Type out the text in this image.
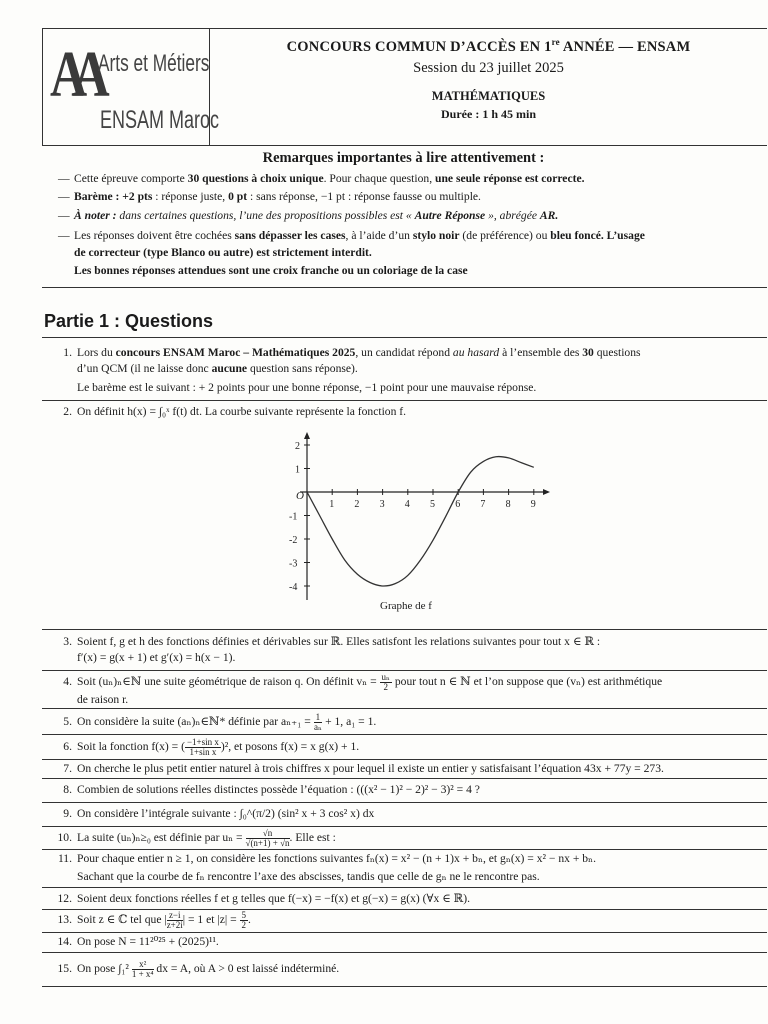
A A Arts et Métiers
ENSAM Maroc
CONCOURS COMMUN D’ACCÈS EN 1re ANNÉE — ENSAM
Session du 23 juillet 2025
MATHÉMATIQUES
Durée : 1 h 45 min
Remarques importantes à lire attentivement :
— Cette épreuve comporte 30 questions à choix unique. Pour chaque question, une seule réponse est correcte.
— Barème : +2 pts : réponse juste, 0 pt : sans réponse, −1 pt : réponse fausse ou multiple.
— À noter : dans certaines questions, l’une des propositions possibles est « Autre Réponse », abrégée AR.
— Les réponses doivent être cochées sans dépasser les cases, à l’aide d’un stylo noir (de préférence) ou bleu foncé. L’usage
de correcteur (type Blanco ou autre) est strictement interdit.
Les bonnes réponses attendues sont une croix franche ou un coloriage de la case
Partie 1 : Questions
1. Lors du concours ENSAM Maroc – Mathématiques 2025, un candidat répond au hasard à l’ensemble des 30 questions
d’un QCM (il ne laisse donc aucune question sans réponse).
Le barème est le suivant : + 2 points pour une bonne réponse, −1 point pour une mauvaise réponse.
2. On définit h(x) = ∫₀ˣ f(t) dt. La courbe suivante représente la fonction f.
O
1 2 3 4 5 6 7 8 9
2
1
-1
-2
-3
-4
Graphe de f
3. Soient f, g et h des fonctions définies et dérivables sur ℝ. Elles satisfont les relations suivantes pour tout x ∈ ℝ :
f′(x) = g(x + 1) et g′(x) = h(x − 1).
4. Soit (uₙ)ₙ∈ℕ une suite géométrique de raison q. On définit $v_n = \frac{\text{uₙ}}{2}$ pour tout n ∈ ℕ et l’on suppose que (vₙ) est arithmétique
de raison r.
5. On considère la suite (aₙ)ₙ∈ℕ* définie par $a_{n+1} = \frac{1}{\text{aₙ}} + 1$, a₁ = 1.
6. Soit la fonction f(x) = ( $\frac{\text{−1+sin x}}{\text{1+sin x}} )^2$, et posons f(x) = x g(x) + 1.
7. On cherche le plus petit entier naturel à trois chiffres x pour lequel il existe un entier y satisfaisant l’équation 43x + 77y = 273.
8. Combien de solutions réelles distinctes possède l’équation : (((x² − 1)² − 2)² − 3)² = 4 ?
9. On considère l’intégrale suivante : ∫₀^(π/2) (sin² x + 3 cos² x) dx
10. La suite (uₙ)ₙ≥₀ est définie par $u_n = \frac{√n}{√(n+1) + √n}$ . Elle est :
11. Pour chaque entier n ≥ 1, on considère les fonctions suivantes fₙ(x) = x² − (n + 1)x + bₙ, et gₙ(x) = x² − nx + bₙ.
Sachant que la courbe de fₙ rencontre l’axe des abscisses, tandis que celle de gₙ ne le rencontre pas.
12. Soient deux fonctions réelles f et g telles que f(−x) = −f(x) et g(−x) = g(x) (∀x ∈ ℝ).
13. Soit z ∈ ℂ tel que | $\frac{z-i}{z+2i}$ | = 1 et $|z| = \frac{5}{2}$ .
14. On pose N = 11²⁰²⁵ + (2025)¹¹.
15. On pose $\int_1^2 \frac{\text{x²}}{\text{1 + x⁴}}$ dx = A, où A > 0 est laissé indéterminé.
